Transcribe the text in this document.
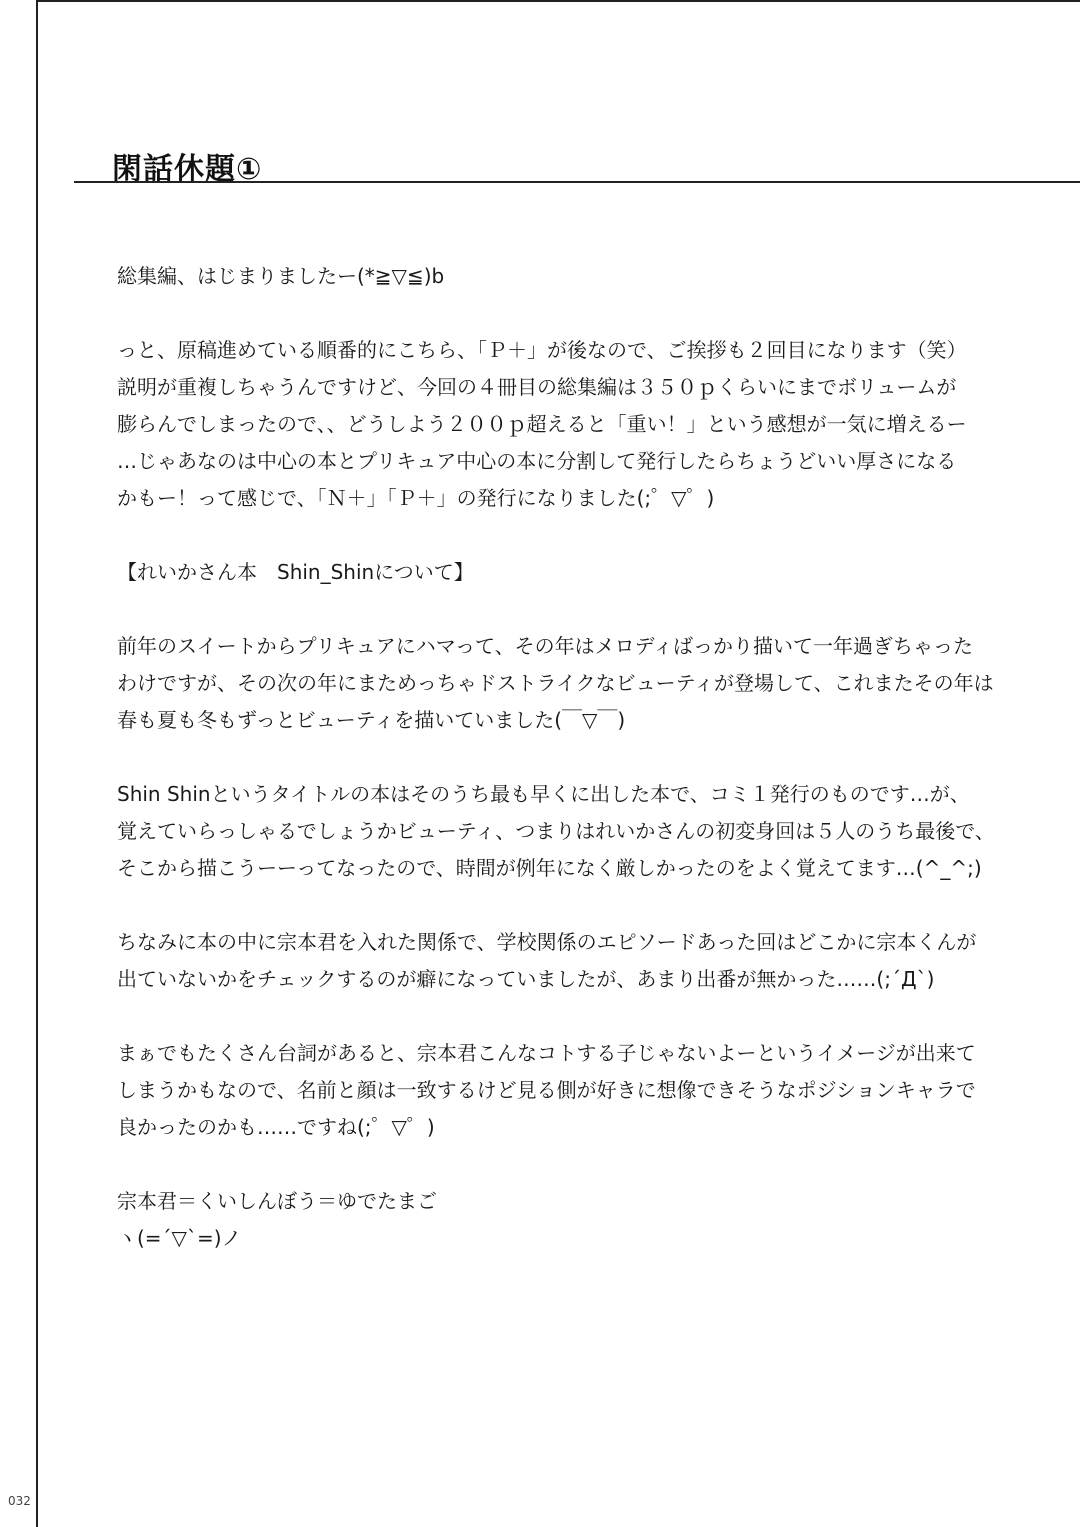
閑話休題①

総集編、はじまりましたー(*≧▽≦)b

っと、原稿進めている順番的にこちら、「Ｐ＋」が後なので、ご挨拶も２回目になります（笑）
説明が重複しちゃうんですけど、今回の４冊目の総集編は３５０ｐくらいにまでボリュームが
膨らんでしまったので、、どうしよう２００ｐ超えると「重い！」という感想が一気に増えるー
…じゃあなのは中心の本とプリキュア中心の本に分割して発行したらちょうどいい厚さになる
かもー！って感じで、「Ｎ＋」「Ｐ＋」の発行になりました(;゜▽゜)

【れいかさん本　Shin_Shinについて】

前年のスイートからプリキュアにハマって、その年はメロディばっかり描いて一年過ぎちゃった
わけですが、その次の年にまためっちゃドストライクなビューティが登場して、これまたその年は
春も夏も冬もずっとビューティを描いていました(￣▽￣)

Shin Shinというタイトルの本はそのうち最も早くに出した本で、コミ１発行のものです…が、
覚えていらっしゃるでしょうかビューティ、つまりはれいかさんの初変身回は５人のうち最後で、
そこから描こうーーってなったので、時間が例年になく厳しかったのをよく覚えてます…(^_^;)

ちなみに本の中に宗本君を入れた関係で、学校関係のエピソードあった回はどこかに宗本くんが
出ていないかをチェックするのが癖になっていましたが、あまり出番が無かった……(;´Д`)

まぁでもたくさん台詞があると、宗本君こんなコトする子じゃないよーというイメージが出来て
しまうかもなので、名前と顔は一致するけど見る側が好きに想像できそうなポジションキャラで
良かったのかも……ですね(;゜▽゜)

宗本君＝くいしんぼう＝ゆでたまご
ヽ(=´▽`=)ノ

032
